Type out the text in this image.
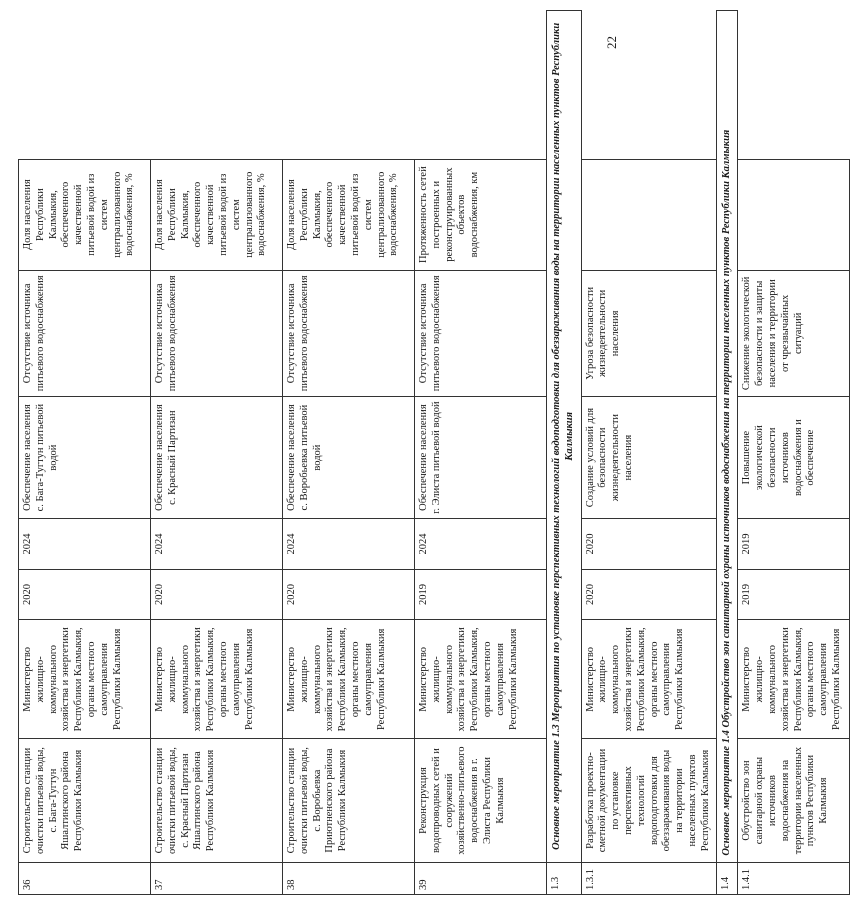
36	Строительство станции очистки питьевой воды, с. Бага-Тугтун Яшалтинского района Республики Калмыкия	Министерство жилищно-коммунального хозяйства и энергетики Республики Калмыкия, органы местного самоуправления Республики Калмыкия	2020	2024	Обеспечение населения с. Бага-Тугтун питьевой водой	Отсутствие источника питьевого водоснабжения	Доля населения Республики Калмыкия, обеспеченного качественной питьевой водой из систем централизованного водоснабжения, %
37	Строительство станции очистки питьевой воды, с. Красный Партизан Яшалтинского района Республики Калмыкия	Министерство жилищно-коммунального хозяйства и энергетики Республики Калмыкия, органы местного самоуправления Республики Калмыкия	2020	2024	Обеспечение населения с. Красный Партизан	Отсутствие источника питьевого водоснабжения	Доля населения Республики Калмыкия, обеспеченного качественной питьевой водой из систем централизованного водоснабжения, %
38	Строительство станции очистки питьевой воды, с. Воробьевка Приютненского района Республики Калмыкия	Министерство жилищно-коммунального хозяйства и энергетики Республики Калмыкия, органы местного самоуправления Республики Калмыкия	2020	2024	Обеспечение населения с. Воробьевка питьевой водой	Отсутствие источника питьевого водоснабжения	Доля населения Республики Калмыкия, обеспеченного качественной питьевой водой из систем централизованного водоснабжения, %
39	Реконструкция водопроводных сетей и сооружений хозяйственно-питьевого водоснабжения в г. Элиста Республики Калмыкия	Министерство жилищно-коммунального хозяйства и энергетики Республики Калмыкия, органы местного самоуправления Республики Калмыкия	2019	2024	Обеспечение населения г. Элиста питьевой водой	Отсутствие источника питьевого водоснабжения	Протяженность сетей построенных и реконструированных объектов водоснабжения, км
1.3	Основное мероприятие 1.3 Мероприятия по установке перспективных технологий водоподготовки для обеззараживания воды на территории населенных пунктов Республики Калмыкия						
1.3.1	Разработка проектно-сметной документации по установке перспективных технологий водоподготовки для обеззараживания воды на территории населенных пунктов Республики Калмыкия	Министерство жилищно-коммунального хозяйства и энергетики Республики Калмыкия, органы местного самоуправления Республики Калмыкия	2020	2020	Создание условий для безопасности жизнедеятельности населения	Угроза безопасности жизнедеятельности населения	
1.4	Основное мероприятие 1.4 Обустройство зон санитарной охраны источников водоснабжения на территории населенных пунктов Республики Калмыкия						
1.4.1	Обустройство зон санитарной охраны источников водоснабжения на территории населенных пунктов Республики Калмыкия	Министерство жилищно-коммунального хозяйства и энергетики Республики Калмыкия, органы местного самоуправления Республики Калмыкия	2019	2019	Повышение экологической безопасности источников водоснабжения и обеспечение	Снижение экологической безопасности и защиты населения и территории от чрезвычайных ситуаций	
22
